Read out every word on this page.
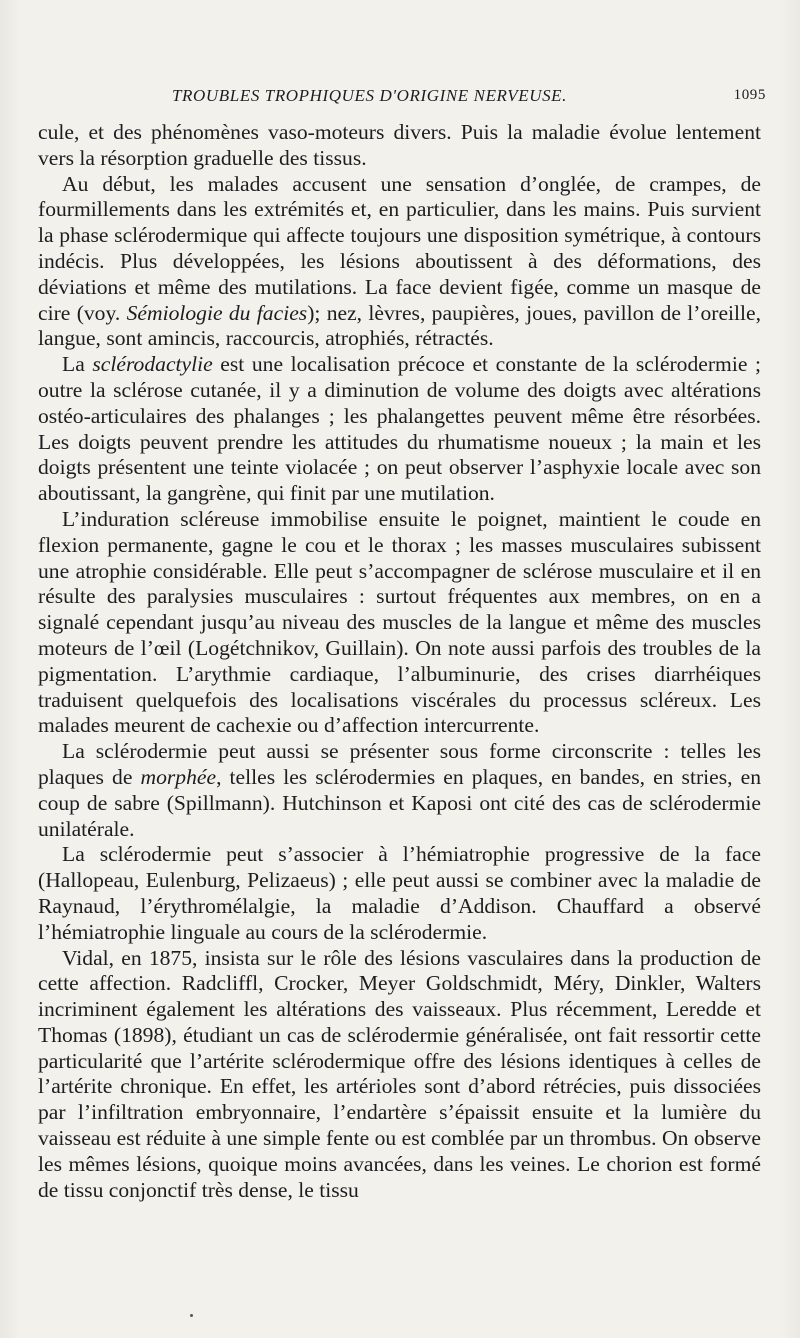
TROUBLES TROPHIQUES D'ORIGINE NERVEUSE.	1095

cule, et des phénomènes vaso-moteurs divers. Puis la maladie évolue lentement vers la résorption graduelle des tissus.

Au début, les malades accusent une sensation d’onglée, de crampes, de fourmillements dans les extrémités et, en particulier, dans les mains. Puis survient la phase sclérodermique qui affecte toujours une disposition symétrique, à contours indécis. Plus développées, les lésions aboutissent à des déformations, des déviations et même des mutilations. La face devient figée, comme un masque de cire (voy. Sémiologie du facies); nez, lèvres, paupières, joues, pavillon de l’oreille, langue, sont amincis, raccourcis, atrophiés, rétractés.

La sclérodactylie est une localisation précoce et constante de la sclérodermie ; outre la sclérose cutanée, il y a diminution de volume des doigts avec altérations ostéo-articulaires des phalanges ; les phalangettes peuvent même être résorbées. Les doigts peuvent prendre les attitudes du rhumatisme noueux ; la main et les doigts présentent une teinte violacée ; on peut observer l’asphyxie locale avec son aboutissant, la gangrène, qui finit par une mutilation.

L’induration scléreuse immobilise ensuite le poignet, maintient le coude en flexion permanente, gagne le cou et le thorax ; les masses musculaires subissent une atrophie considérable. Elle peut s’accompagner de sclérose musculaire et il en résulte des paralysies musculaires : surtout fréquentes aux membres, on en a signalé cependant jusqu’au niveau des muscles de la langue et même des muscles moteurs de l’œil (Logétchnikov, Guillain). On note aussi parfois des troubles de la pigmentation. L’arythmie cardiaque, l’albuminurie, des crises diarrhéiques traduisent quelquefois des localisations viscérales du processus scléreux. Les malades meurent de cachexie ou d’affection intercurrente.

La sclérodermie peut aussi se présenter sous forme circonscrite : telles les plaques de morphée, telles les sclérodermies en plaques, en bandes, en stries, en coup de sabre (Spillmann). Hutchinson et Kaposi ont cité des cas de sclérodermie unilatérale.

La sclérodermie peut s’associer à l’hémiatrophie progressive de la face (Hallopeau, Eulenburg, Pelizaeus) ; elle peut aussi se combiner avec la maladie de Raynaud, l’érythromélalgie, la maladie d’Addison. Chauffard a observé l’hémiatrophie linguale au cours de la sclérodermie.

Vidal, en 1875, insista sur le rôle des lésions vasculaires dans la production de cette affection. Radcliffl, Crocker, Meyer Goldschmidt, Méry, Dinkler, Walters incriminent également les altérations des vaisseaux. Plus récemment, Leredde et Thomas (1898), étudiant un cas de sclérodermie généralisée, ont fait ressortir cette particularité que l’artérite sclérodermique offre des lésions identiques à celles de l’artérite chronique. En effet, les artérioles sont d’abord rétrécies, puis dissociées par l’infiltration embryonnaire, l’endartère s’épaissit ensuite et la lumière du vaisseau est réduite à une simple fente ou est comblée par un thrombus. On observe les mêmes lésions, quoique moins avancées, dans les veines. Le chorion est formé de tissu conjonctif très dense, le tissu
